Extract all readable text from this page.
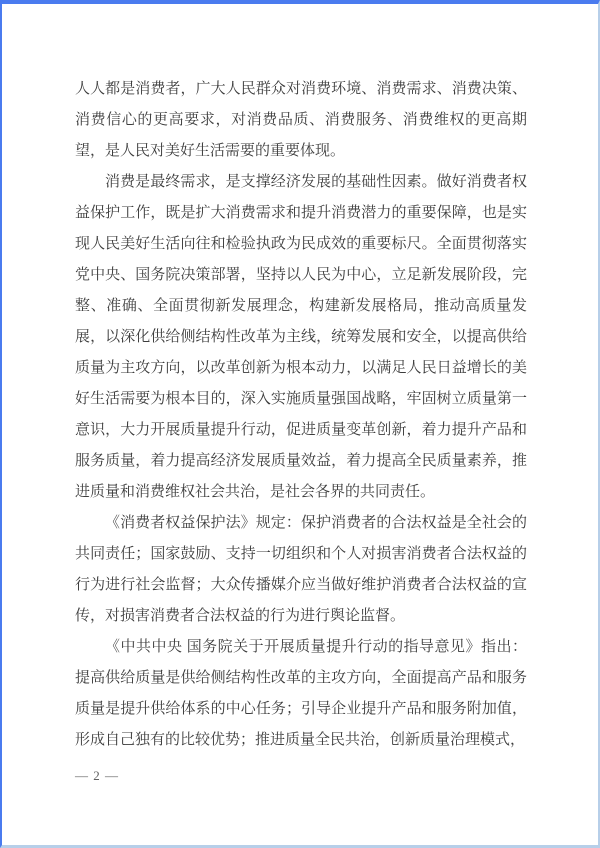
人人都是消费者，广大人民群众对消费环境、消费需求、消费决策、消费信心的更高要求，对消费品质、消费服务、消费维权的更高期望，是人民对美好生活需要的重要体现。

消费是最终需求，是支撑经济发展的基础性因素。做好消费者权益保护工作，既是扩大消费需求和提升消费潜力的重要保障，也是实现人民美好生活向往和检验执政为民成效的重要标尺。全面贯彻落实党中央、国务院决策部署，坚持以人民为中心，立足新发展阶段，完整、准确、全面贯彻新发展理念，构建新发展格局，推动高质量发展，以深化供给侧结构性改革为主线，统筹发展和安全，以提高供给质量为主攻方向，以改革创新为根本动力，以满足人民日益增长的美好生活需要为根本目的，深入实施质量强国战略，牢固树立质量第一意识，大力开展质量提升行动，促进质量变革创新，着力提升产品和服务质量，着力提高经济发展质量效益，着力提高全民质量素养，推进质量和消费维权社会共治，是社会各界的共同责任。

《消费者权益保护法》规定：保护消费者的合法权益是全社会的共同责任；国家鼓励、支持一切组织和个人对损害消费者合法权益的行为进行社会监督；大众传播媒介应当做好维护消费者合法权益的宣传，对损害消费者合法权益的行为进行舆论监督。

《中共中央 国务院关于开展质量提升行动的指导意见》指出：提高供给质量是供给侧结构性改革的主攻方向，全面提高产品和服务质量是提升供给体系的中心任务；引导企业提升产品和服务附加值，形成自己独有的比较优势；推进质量全民共治，创新质量治理模式，

— 2 —
